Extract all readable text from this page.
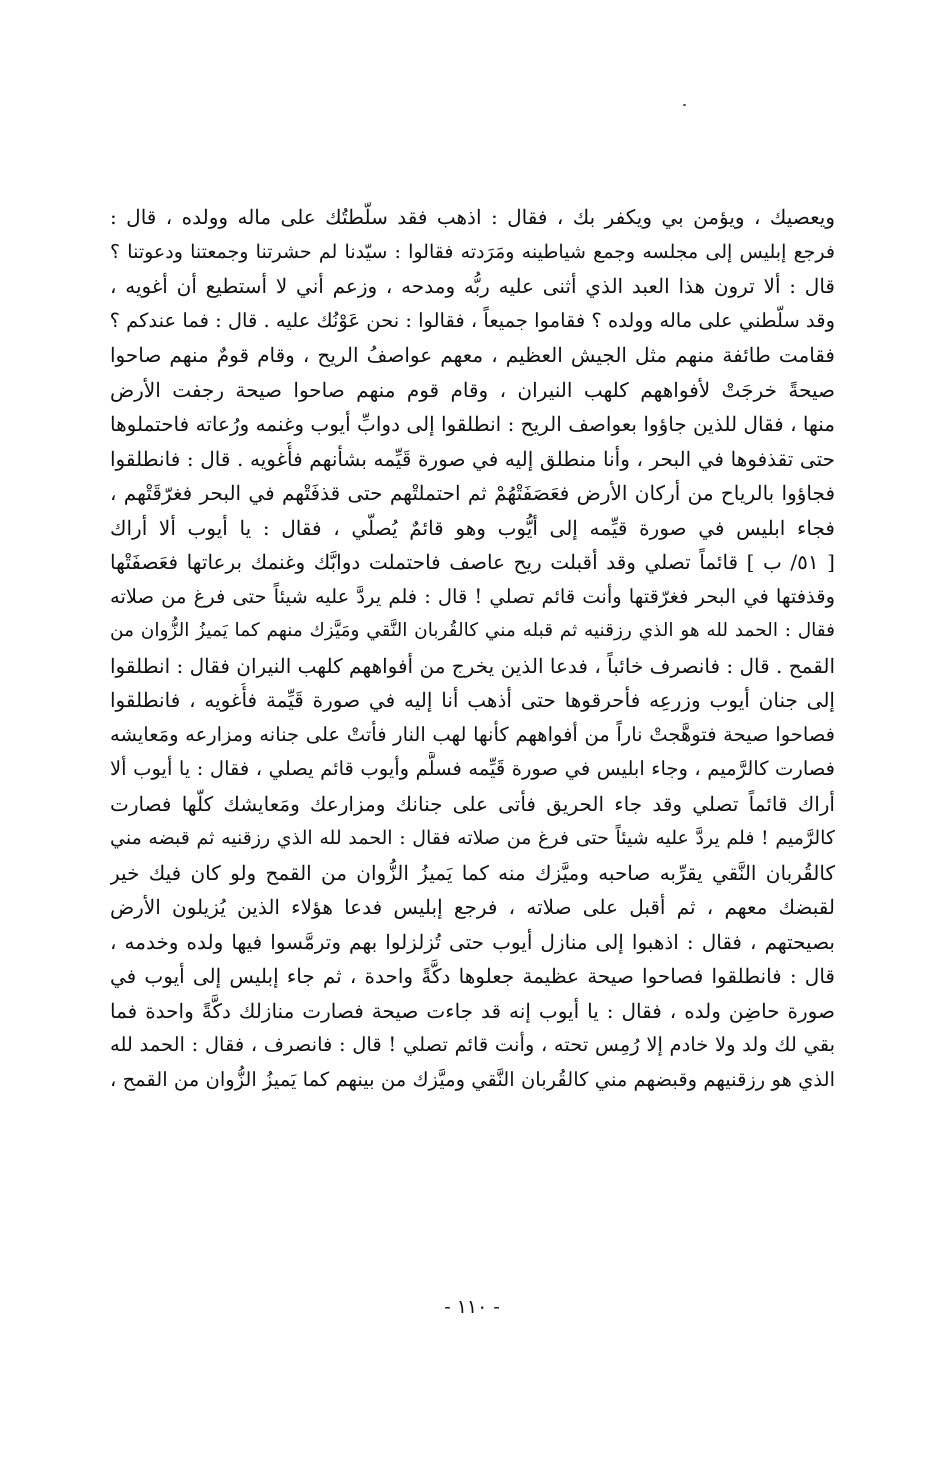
ويعصيك ، ويؤمن بي ويكفر بك ، فقال : اذهب فقد سلّطتُك على ماله وولده ، قال :
فرجع إبليس إلى مجلسه وجمع شياطينه ومَرَدته فقالوا : سيّدنا لم حشرتنا وجمعتنا ودعوتنا ؟
قال : ألا ترون هذا العبد الذي أثنى عليه ربُّه ومدحه ، وزعم أني لا أستطيع أن أغويه ،
وقد سلّطني على ماله وولده ؟ فقاموا جميعاً ، فقالوا : نحن عَوْنُك عليه . قال : فما عندكم ؟
فقامت طائفة منهم مثل الجيش العظيم ، معهم عواصفُ الريح ، وقام قومٌ منهم صاحوا
صيحةً خرجَتْ لأفواههم كلهب النيران ، وقام قوم منهم صاحوا صيحة رجفت الأرض
منها ، فقال للذين جاؤوا بعواصف الريح : انطلقوا إلى دوابِّ أيوب وغنمه ورُعاته فاحتملوها
حتى تقذفوها في البحر ، وأنا منطلق إليه في صورة قَيِّمه بشأنهم فأُغويه . قال : فانطلقوا
فجاؤوا بالرياح من أركان الأرض فعَصَفَتْهُمْ ثم احتملتْهم حتى قذفَتْهم في البحر فغرّقَتْهم ،
فجاء ابليس في صورة قيِّمه إلى أيُّوب وهو قائمٌ يُصلّي ، فقال : يا أيوب ألا أراك
[ ٥١/ ب ] قائماً تصلي وقد أقبلت ريح عاصف فاحتملت دوابَّك وغنمك برعاتها فعَصفَتْها
وقذفتها في البحر فغرّقتها وأنت قائم تصلي ! قال : فلم يردَّ عليه شيئاً حتى فرغ من صلاته
فقال : الحمد لله هو الذي رزقنيه ثم قبله مني كالقُربان النَّقي ومَيَّزك منهم كما يَميزُ الزُّوان من
القمح . قال : فانصرف خائباً ، فدعا الذين يخرج من أفواههم كلهب النيران فقال : انطلقوا
إلى جنان أيوب وزرعِه فأحرقوها حتى أذهب أنا إليه في صورة قَيِّمة فأُغويه ، فانطلقوا
فصاحوا صيحة فتوهَّجتْ ناراً من أفواههم كأنها لهب النار فأتتْ على جنانه ومزارعه ومَعايشه
فصارت كالرَّميم ، وجاء ابليس في صورة قَيِّمه فسلَّم وأيوب قائم يصلي ، فقال : يا أيوب ألا
أراك قائماً تصلي وقد جاء الحريق فأتى على جنانك ومزارعك ومَعايشك كلّها فصارت
كالرَّميم ! فلم يردَّ عليه شيئاً حتى فرغ من صلاته فقال : الحمد لله الذي رزقنيه ثم قبضه مني
كالقُربان النَّقي يقرِّبه صاحبه وميَّزك منه كما يَميزُ الزُّوان من القمح ولو كان فيك خير
لقبضك معهم ، ثم أقبل على صلاته ، فرجع إبليس فدعا هؤلاء الذين يُزيلون الأرض
بصيحتهم ، فقال : اذهبوا إلى منازل أيوب حتى تُزلزلوا بهم وترمَّسوا فيها ولده وخدمه ،
قال : فانطلقوا فصاحوا صيحة عظيمة جعلوها دكَّةً واحدة ، ثم جاء إبليس إلى أيوب في
صورة حاضِن ولده ، فقال : يا أيوب إنه قد جاءت صيحة فصارت منازلك دكَّةً واحدة فما
بقي لك ولد ولا خادم إلا رُمِس تحته ، وأنت قائم تصلي ! قال : فانصرف ، فقال : الحمد لله
الذي هو رزقنيهم وقبضهم مني كالقُربان النَّقي وميَّزك من بينهم كما يَميزُ الزُّوان من القمح ،
- ١١٠ -
